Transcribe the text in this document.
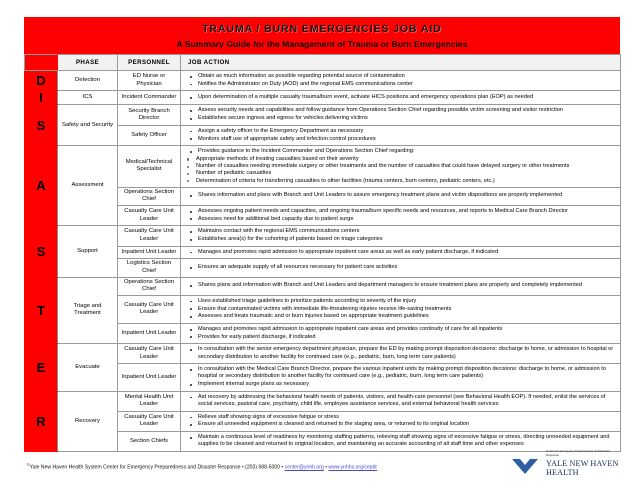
TRAUMA / BURN EMERGENCIES JOB AID
A Summary Guide for the Management of Trauma or Burn Emergencies
	PHASE	PERSONNEL	JOB ACTION
D	Detection	ED Nurse or Physician	
Obtain as much information as possible regarding potential source of contamination
Notifies the Administrator on Duty (AOD) and the regional EMS communications center

I	ICS	Incident Commander	Upon determination of a multiple casualty trauma/burn event, activate HICS positions and emergency operations plan (EOP) as needed

S	Safety and Security	Security Branch Director	
Assess security needs and capabilities and follow guidance from Operations Section Chief regarding possible victim screening and visitor restriction
Establishes secure ingress and egress for vehicles delivering victims

Safety Officer	
Assign a safety officer to the Emergency Department as necessary
Monitors staff use of appropriate safety and infection control procedures

A	Assessment	Medical/Technical Specialist	
Provides guidance to the Incident Commander and Operations Section Chief regarding:
Appropriate methods of treating casualties based on their severity
Number of casualties needing immediate surgery or other treatments and the number of casualties that could have delayed surgery or other treatments
Number of pediatric casualties
Determination of criteria for transferring casualties to other facilities (trauma centers, burn centers, pediatric centers, etc.)

Operations Section Chief	
Shares information and plans with Branch and Unit Leaders to assure emergency treatment plans and victim dispositions are properly implemented

Casualty Care Unit Leader	
Assesses ongoing patient needs and capacities, and ongoing trauma/burn specific needs and resources, and reports to Medical Care Branch Director
Assesses need for additional bed capacity due to patient surge

S	Support	Casualty Care Unit Leader	
Maintains contact with the regional EMS communications centers
Establishes area(s) for the cohorting of patients based on triage categories

Inpatient Unit Leader	Manages and promotes rapid admission to appropriate inpatient care areas as well as early patient discharge, if indicated

Logistics Section Chief	
Ensures an adequate supply of all resources necessary for patient care activities

T	Triage and Treatment	Operations Section Chief	
Shares plans and information with Branch and Unit Leaders and department managers to ensure treatment plans are properly and completely implemented

Casualty Care Unit Leader	
Uses established triage guidelines to prioritize patients according to severity of the injury
Ensure that contaminated victims with immediate life-threatening injuries receive life-saving treatments
Assesses and treats traumatic and or burn injuries based on appropriate treatment guidelines

Inpatient Unit Leader	
Manages and promotes rapid admission to appropriate inpatient care areas and provides continuity of care for all inpatients
Provides for early patient discharge, if indicated

E	Evacuate	Casualty Care Unit Leader	
In consultation with the senior emergency department physician, prepare the ED by making prompt disposition decisions: discharge to home, or admission to hospital or secondary distribution to another facility for continued care (e.g., pediatric, burn, long term care patients)

Inpatient Unit Leader	
In consultation with the Medical Care Branch Director, prepare the various inpatient units by making prompt disposition decisions: discharge to home, or admission to hospital or secondary distribution to another facility for continued care (e.g., pediatric, burn, long term care patients)
Implement internal surge plans as necessary

R	Recovery	Mental Health Unit Leader	
Aid recovery by addressing the behavioral health needs of patients, visitors, and health-care personnel (see Behavioral Health EOP). If needed, enlist the services of social services, pastoral care, psychiatry, child life, employee assistance services, and external behavioral health services

Casualty Care Unit Leader	
Relieve staff showing signs of excessive fatigue or stress
Ensure all unneeded equipment is cleaned and returned to the staging area, or returned to its original location

Section Chiefs	
Maintain a continuous level of readiness by monitoring staffing patterns, relieving staff showing signs of excessive fatigue or stress, directing unneeded equipment and supplies to be cleaned and returned to original location, and maintaining an accurate accounting of all staff time and other expenses
©Yale New Haven Health System Center for Emergency Preparedness and Disaster Response • (203) 688-5000 • center@ynhh.org • www.ynhhs.org/cepdr
Center for Emergency Preparedness and Disaster Response
YALE NEW HAVEN
HEALTH
